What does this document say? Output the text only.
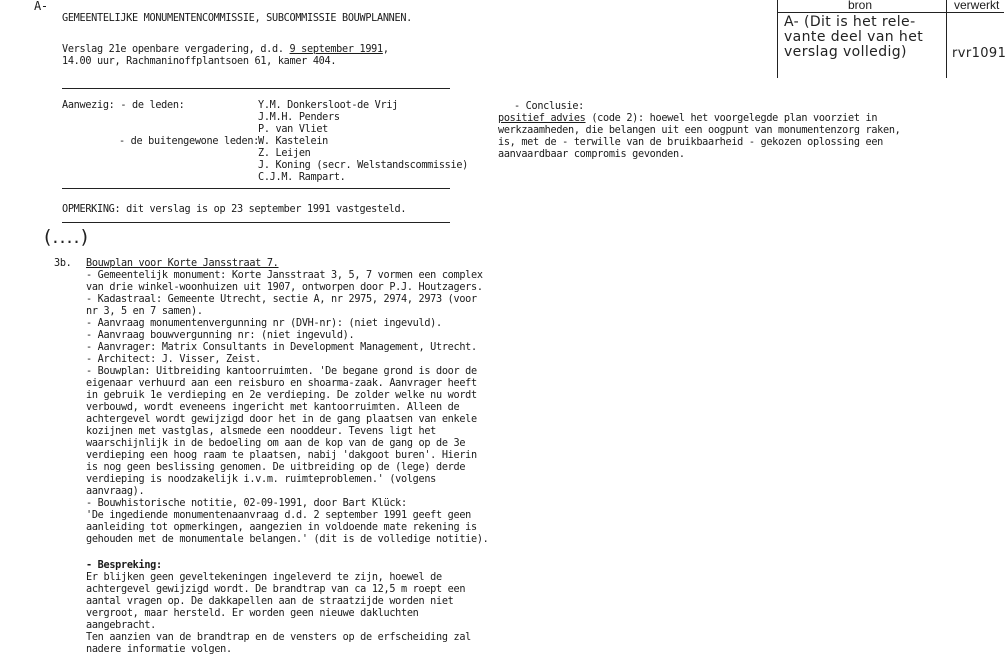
A-
GEMEENTELIJKE MONUMENTENCOMMISSIE, SUBCOMMISSIE BOUWPLANNEN.
Verslag 21e openbare vergadering, d.d. 9 september 1991,
14.00 uur, Rachmaninoffplantsoen 61, kamer 404.
bron	verwerkt
A- (Dit is het rele-
vante deel van het
verslag volledig)	rvr1091
Aanwezig: - de leden:	Y.M. Donkersloot-de Vrij
J.M.H. Penders
P. van Vliet
- de buitengewone leden:
W. Kastelein
Z. Leijen
J. Koning (secr. Welstandscommissie)
C.J.M. Rampart.
OPMERKING: dit verslag is op 23 september 1991 vastgesteld.
(....)
3b. Bouwplan voor Korte Jansstraat 7.
- Gemeentelijk monument: Korte Jansstraat 3, 5, 7 vormen een complex
van drie winkel-woonhuizen uit 1907, ontworpen door P.J. Houtzagers.
- Kadastraal: Gemeente Utrecht, sectie A, nr 2975, 2974, 2973 (voor
nr 3, 5 en 7 samen).
- Aanvraag monumentenvergunning nr (DVH-nr): (niet ingevuld).
- Aanvraag bouwvergunning nr: (niet ingevuld).
- Aanvrager: Matrix Consultants in Development Management, Utrecht.
- Architect: J. Visser, Zeist.
- Bouwplan: Uitbreiding kantoorruimten. 'De begane grond is door de
eigenaar verhuurd aan een reisburo en shoarma-zaak. Aanvrager heeft
in gebruik 1e verdieping en 2e verdieping. De zolder welke nu wordt
verbouwd, wordt eveneens ingericht met kantoorruimten. Alleen de
achtergevel wordt gewijzigd door het in de gang plaatsen van enkele
kozijnen met vastglas, alsmede een nooddeur. Tevens ligt het
waarschijnlijk in de bedoeling om aan de kop van de gang op de 3e
verdieping een hoog raam te plaatsen, nabij 'dakgoot buren'. Hierin
is nog geen beslissing genomen. De uitbreiding op de (lege) derde
verdieping is noodzakelijk i.v.m. ruimteproblemen.' (volgens
aanvraag).
- Bouwhistorische notitie, 02-09-1991, door Bart Klück:
'De ingediende monumentenaanvraag d.d. 2 september 1991 geeft geen
aanleiding tot opmerkingen, aangezien in voldoende mate rekening is
gehouden met de monumentale belangen.' (dit is de volledige notitie).
- Bespreking:
Er blijken geen geveltekeningen ingeleverd te zijn, hoewel de
achtergevel gewijzigd wordt. De brandtrap van ca 12,5 m roept een
aantal vragen op. De dakkapellen aan de straatzijde worden niet
vergroot, maar hersteld. Er worden geen nieuwe dakluchten
aangebracht.
Ten aanzien van de brandtrap en de vensters op de erfscheiding zal
nadere informatie volgen.
- Conclusie:
positief advies (code 2): hoewel het voorgelegde plan voorziet in
werkzaamheden, die belangen uit een oogpunt van monumentenzorg raken,
is, met de - terwille van de bruikbaarheid - gekozen oplossing een
aanvaardbaar compromis gevonden.
